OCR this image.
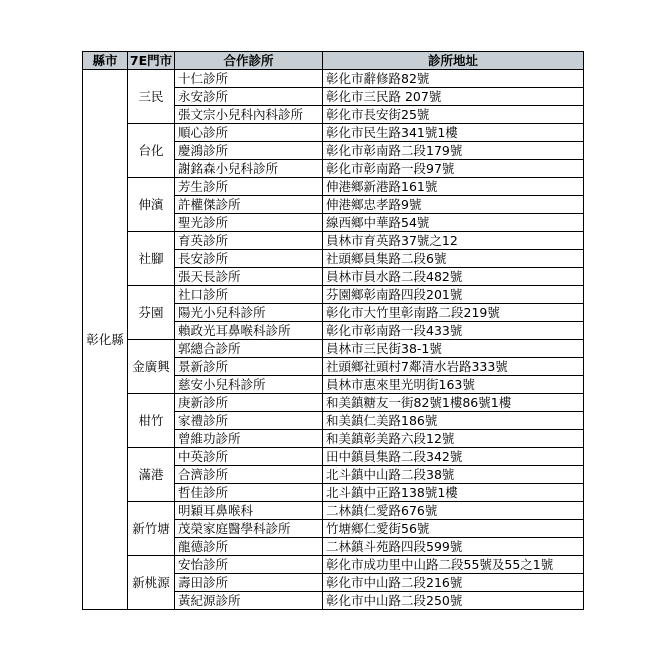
縣市	7E門市	合作診所	診所地址
彰化縣	三民	十仁診所	彰化市辭修路82號
		永安診所	彰化市三民路 207號
		張文宗小兒科內科診所	彰化市長安街25號
	台化	順心診所	彰化市民生路341號1樓
		慶鴻診所	彰化市彰南路二段179號
		謝銘森小兒科診所	彰化市彰南路一段97號
	伸濱	芳生診所	伸港鄉新港路161號
		許權傑診所	伸港鄉忠孝路9號
		聖光診所	線西鄉中華路54號
	社腳	育英診所	員林市育英路37號之12
		長安診所	社頭鄉員集路二段6號
		張天長診所	員林市員水路二段482號
	芬園	社口診所	芬園鄉彰南路四段201號
		陽光小兒科診所	彰化市大竹里彰南路二段219號
		賴政光耳鼻喉科診所	彰化市彰南路一段433號
	金廣興	郭總合診所	員林市三民街38-1號
		景新診所	社頭鄉社頭村7鄰清水岩路333號
		慈安小兒科診所	員林市惠來里光明街163號
	柑竹	庚新診所	和美鎮糖友一街82號1樓86號1樓
		家禮診所	和美鎮仁美路186號
		曾維功診所	和美鎮彰美路六段12號
	滿港	中英診所	田中鎮員集路二段342號
		合濟診所	北斗鎮中山路二段38號
		哲佳診所	北斗鎮中正路138號1樓
	新竹塘	明穎耳鼻喉科	二林鎮仁愛路676號
		茂榮家庭醫學科診所	竹塘鄉仁愛街56號
		龍德診所	二林鎮斗苑路四段599號
	新桃源	安怡診所	彰化市成功里中山路二段55號及55之1號
		壽田診所	彰化市中山路二段216號
		黃紀源診所	彰化市中山路二段250號
